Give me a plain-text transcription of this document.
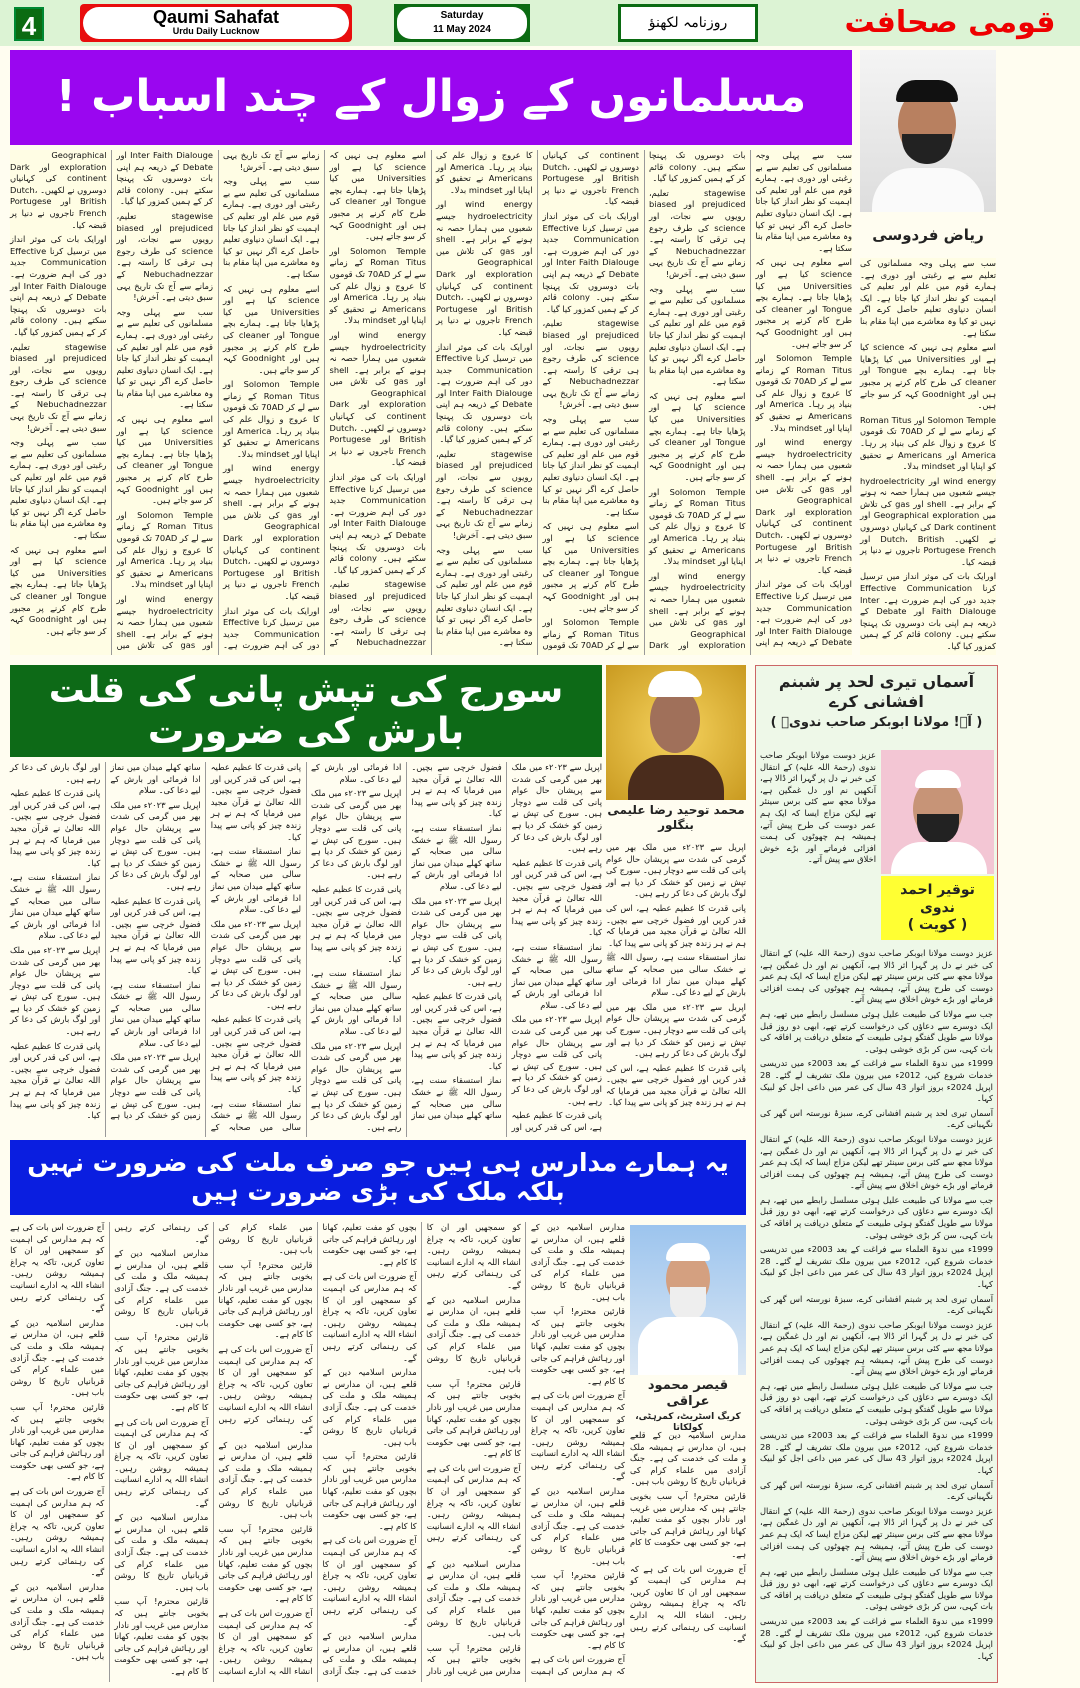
4	Qaumi Sahafat
Urdu Daily Lucknow
Saturday
11 May 2024	روزنامہ لکھنؤ	قومی صحافت
مسلمانوں کے زوال کے چند اسباب !
ریاض فردوسی

سب سے پہلی وجہ مسلمانوں کی تعلیم سے بے رغبتی اور دوری ہے۔ ہمارے قوم میں علم اور تعلیم کی اہمیت کو نظر انداز کیا جاتا ہے۔ ایک انسان دنیاوی تعلیم حاصل کرے اگر نہیں تو کیا وہ معاشرے میں اپنا مقام بنا سکتا ہے۔

اسے معلوم ہی نہیں کہ science کیا ہے اور Universities میں کیا پڑھایا جاتا ہے۔ ہمارے بچے Tongue اور cleaner کی طرح کام کرنے پر مجبور ہیں اور Goodnight کہہ کر سو جاتے ہیں۔

Solomon Temple اور Roman Titus کے زمانے سے لے کر 70AD تک قوموں کا عروج و زوال علم کی بنیاد پر رہا۔ America اور Americans نے تحقیق کو اپنایا اور mindset بدلا۔

wind energy اور hydroelectricity جیسے شعبوں میں ہمارا حصہ نہ ہونے کے برابر ہے۔ shell اور gas کی تلاش میں Geographical exploration اور Dark continent کی کہانیاں دوسروں نے لکھیں۔ Dutch، British اور Portugese French تاجروں نے دنیا پر قبضہ کیا۔

اورایک بات کی موثر انداز میں ترسیل کرنا Effective Communication جدید دور کی اہم ضرورت ہے۔ Inter Faith Dialouge اور Debate کے ذریعہ ہم اپنی بات دوسروں تک پہنچا سکتے ہیں۔ colony قائم کر کے ہمیں کمزور کیا گیا۔

stagewise تعلیم، prejudiced اور biased رویوں سے نجات، اور science کی طرف رجوع ہی ترقی کا راستہ ہے۔ Nebuchadnezzar کے زمانے سے آج تک تاریخ یہی سبق دیتی ہے۔ آخرش!

سب سے پہلی وجہ مسلمانوں کی تعلیم سے بے رغبتی اور دوری ہے۔ ہمارے قوم میں علم اور تعلیم کی اہمیت کو نظر انداز کیا جاتا ہے۔ ایک انسان دنیاوی تعلیم حاصل کرے اگر نہیں تو کیا وہ معاشرے میں اپنا مقام بنا سکتا ہے۔

اسے معلوم ہی نہیں کہ science کیا ہے اور Universities میں کیا پڑھایا جاتا ہے۔ ہمارے بچے Tongue اور cleaner کی طرح کام کرنے پر مجبور ہیں اور Goodnight کہہ کر سو جاتے ہیں۔

Solomon Temple اور Roman Titus کے زمانے سے لے کر 70AD تک قوموں کا عروج و زوال علم کی بنیاد پر رہا۔ America اور Americans نے تحقیق کو اپنایا اور mindset بدلا۔

wind energy اور hydroelectricity جیسے شعبوں میں ہمارا حصہ نہ ہونے کے برابر ہے۔ shell اور gas کی تلاش میں Geographical exploration اور Dark continent کی کہانیاں دوسروں نے لکھیں۔ Dutch، British اور Portugese French تاجروں نے دنیا پر قبضہ کیا۔

اورایک بات کی موثر انداز میں ترسیل کرنا Effective Communication جدید دور کی اہم ضرورت ہے۔ Inter Faith Dialouge اور Debate کے ذریعہ ہم اپنی بات دوسروں تک پہنچا سکتے ہیں۔ colony قائم کر کے ہمیں کمزور کیا گیا۔

stagewise تعلیم، prejudiced اور biased رویوں سے نجات، اور science کی طرف رجوع ہی ترقی کا راستہ ہے۔ Nebuchadnezzar کے زمانے سے آج تک تاریخ یہی سبق دیتی ہے۔ آخرش!

سب سے پہلی وجہ مسلمانوں کی تعلیم سے بے رغبتی اور دوری ہے۔ ہمارے قوم میں علم اور تعلیم کی اہمیت کو نظر انداز کیا جاتا ہے۔ ایک انسان دنیاوی تعلیم حاصل کرے اگر نہیں تو کیا وہ معاشرے میں اپنا مقام بنا سکتا ہے۔

اسے معلوم ہی نہیں کہ science کیا ہے اور Universities میں کیا پڑھایا جاتا ہے۔ ہمارے بچے Tongue اور cleaner کی طرح کام کرنے پر مجبور ہیں اور Goodnight کہہ کر سو جاتے ہیں۔

Solomon Temple اور Roman Titus کے زمانے سے لے کر 70AD تک قوموں کا عروج و زوال علم کی بنیاد پر رہا۔ America اور Americans نے تحقیق کو اپنایا اور mindset بدلا۔

wind energy اور hydroelectricity جیسے شعبوں میں ہمارا حصہ نہ ہونے کے برابر ہے۔ shell اور gas کی تلاش میں Geographical exploration اور Dark continent کی کہانیاں دوسروں نے لکھیں۔ Dutch، British اور Portugese French تاجروں نے دنیا پر قبضہ کیا۔

اورایک بات کی موثر انداز میں ترسیل کرنا Effective Communication جدید دور کی اہم ضرورت ہے۔ Inter Faith Dialouge اور Debate کے ذریعہ ہم اپنی بات دوسروں تک پہنچا سکتے ہیں۔ colony قائم کر کے ہمیں کمزور کیا گیا۔

stagewise تعلیم، prejudiced اور biased رویوں سے نجات، اور science کی طرف رجوع ہی ترقی کا راستہ ہے۔ Nebuchadnezzar کے زمانے سے آج تک تاریخ یہی سبق دیتی ہے۔ آخرش!

سب سے پہلی وجہ مسلمانوں کی تعلیم سے بے رغبتی اور دوری ہے۔ ہمارے قوم میں علم اور تعلیم کی اہمیت کو نظر انداز کیا جاتا ہے۔ ایک انسان دنیاوی تعلیم حاصل کرے اگر نہیں تو کیا وہ معاشرے میں اپنا مقام بنا سکتا ہے۔

اسے معلوم ہی نہیں کہ science کیا ہے اور Universities میں کیا پڑھایا جاتا ہے۔ ہمارے بچے Tongue اور cleaner کی طرح کام کرنے پر مجبور ہیں اور Goodnight کہہ کر سو جاتے ہیں۔

Solomon Temple اور Roman Titus کے زمانے سے لے کر 70AD تک قوموں کا عروج و زوال علم کی بنیاد پر رہا۔ America اور Americans نے تحقیق کو اپنایا اور mindset بدلا۔

wind energy اور hydroelectricity جیسے شعبوں میں ہمارا حصہ نہ ہونے کے برابر ہے۔ shell اور gas کی تلاش میں Geographical exploration اور Dark continent کی کہانیاں دوسروں نے لکھیں۔ Dutch، British اور Portugese French تاجروں نے دنیا پر قبضہ کیا۔

اورایک بات کی موثر انداز میں ترسیل کرنا Effective Communication جدید دور کی اہم ضرورت ہے۔ Inter Faith Dialouge اور Debate کے ذریعہ ہم اپنی بات دوسروں تک پہنچا سکتے ہیں۔ colony قائم کر کے ہمیں کمزور کیا گیا۔

stagewise تعلیم، prejudiced اور biased رویوں سے نجات، اور science کی طرف رجوع ہی ترقی کا راستہ ہے۔ Nebuchadnezzar کے زمانے سے آج تک تاریخ یہی سبق دیتی ہے۔ آخرش!

سب سے پہلی وجہ مسلمانوں کی تعلیم سے بے رغبتی اور دوری ہے۔ ہمارے قوم میں علم اور تعلیم کی اہمیت کو نظر انداز کیا جاتا ہے۔ ایک انسان دنیاوی تعلیم حاصل کرے اگر نہیں تو کیا وہ معاشرے میں اپنا مقام بنا سکتا ہے۔

اسے معلوم ہی نہیں کہ science کیا ہے اور Universities میں کیا پڑھایا جاتا ہے۔ ہمارے بچے Tongue اور cleaner کی طرح کام کرنے پر مجبور ہیں اور Goodnight کہہ کر سو جاتے ہیں۔

Solomon Temple اور Roman Titus کے زمانے سے لے کر 70AD تک قوموں کا عروج و زوال علم کی بنیاد پر رہا۔ America اور Americans نے تحقیق کو اپنایا اور mindset بدلا۔

wind energy اور hydroelectricity جیسے شعبوں میں ہمارا حصہ نہ ہونے کے برابر ہے۔ shell اور gas کی تلاش میں Geographical exploration اور Dark continent کی کہانیاں دوسروں نے لکھیں۔ Dutch، British اور Portugese French تاجروں نے دنیا پر قبضہ کیا۔

اورایک بات کی موثر انداز میں ترسیل کرنا Effective Communication جدید دور کی اہم ضرورت ہے۔ Inter Faith Dialouge اور Debate کے ذریعہ ہم اپنی بات دوسروں تک پہنچا سکتے ہیں۔ colony قائم کر کے ہمیں کمزور کیا گیا۔

stagewise تعلیم، prejudiced اور biased رویوں سے نجات، اور science کی طرف رجوع ہی ترقی کا راستہ ہے۔ Nebuchadnezzar کے زمانے سے آج تک تاریخ یہی سبق دیتی ہے۔ آخرش!

سب سے پہلی وجہ مسلمانوں کی تعلیم سے بے رغبتی اور دوری ہے۔ ہمارے قوم میں علم اور تعلیم کی اہمیت کو نظر انداز کیا جاتا ہے۔ ایک انسان دنیاوی تعلیم حاصل کرے اگر نہیں تو کیا وہ معاشرے میں اپنا مقام بنا سکتا ہے۔

اسے معلوم ہی نہیں کہ science کیا ہے اور Universities میں کیا پڑھایا جاتا ہے۔ ہمارے بچے Tongue اور cleaner کی طرح کام کرنے پر مجبور ہیں اور Goodnight کہہ کر سو جاتے ہیں۔

Solomon Temple اور Roman Titus کے زمانے سے لے کر 70AD تک قوموں کا عروج و زوال علم کی بنیاد پر رہا۔ America اور Americans نے تحقیق کو اپنایا اور mindset بدلا۔

wind energy اور hydroelectricity جیسے شعبوں میں ہمارا حصہ نہ ہونے کے برابر ہے۔ shell اور gas کی تلاش میں Geographical exploration اور Dark continent کی کہانیاں دوسروں نے لکھیں۔ Dutch، British اور Portugese French تاجروں نے دنیا پر قبضہ کیا۔

اورایک بات کی موثر انداز میں ترسیل کرنا Effective Communication جدید دور کی اہم ضرورت ہے۔ Inter Faith Dialouge اور Debate کے ذریعہ ہم اپنی بات دوسروں تک پہنچا سکتے ہیں۔ colony قائم کر کے ہمیں کمزور کیا گیا۔

stagewise تعلیم، prejudiced اور biased رویوں سے نجات، اور science کی طرف رجوع ہی ترقی کا راستہ ہے۔ Nebuchadnezzar کے زمانے سے آج تک تاریخ یہی سبق دیتی ہے۔ آخرش!

سب سے پہلی وجہ مسلمانوں کی تعلیم سے بے رغبتی اور دوری ہے۔ ہمارے قوم میں علم اور تعلیم کی اہمیت کو نظر انداز کیا جاتا ہے۔ ایک انسان دنیاوی تعلیم حاصل کرے اگر نہیں تو کیا وہ معاشرے میں اپنا مقام بنا سکتا ہے۔

اسے معلوم ہی نہیں کہ science کیا ہے اور Universities میں کیا پڑھایا جاتا ہے۔ ہمارے بچے Tongue اور cleaner کی طرح کام کرنے پر مجبور ہیں اور Goodnight کہہ کر سو جاتے ہیں۔

سب سے پہلی وجہ مسلمانوں کی تعلیم سے بے رغبتی اور دوری ہے۔ ہمارے قوم میں علم اور تعلیم کی اہمیت کو نظر انداز کیا جاتا ہے۔ ایک انسان دنیاوی تعلیم حاصل کرے اگر نہیں تو کیا وہ معاشرے میں اپنا مقام بنا سکتا ہے۔

اسے معلوم ہی نہیں کہ science کیا ہے اور Universities میں کیا پڑھایا جاتا ہے۔ ہمارے بچے Tongue اور cleaner کی طرح کام کرنے پر مجبور ہیں اور Goodnight کہہ کر سو جاتے ہیں۔

Solomon Temple اور Roman Titus کے زمانے سے لے کر 70AD تک قوموں کا عروج و زوال علم کی بنیاد پر رہا۔ America اور Americans نے تحقیق کو اپنایا اور mindset بدلا۔

wind energy اور hydroelectricity جیسے شعبوں میں ہمارا حصہ نہ ہونے کے برابر ہے۔ shell اور gas کی تلاش میں Geographical exploration اور Dark continent کی کہانیاں دوسروں نے لکھیں۔ Dutch، British اور Portugese French تاجروں نے دنیا پر قبضہ کیا۔

اورایک بات کی موثر انداز میں ترسیل کرنا Effective Communication جدید دور کی اہم ضرورت ہے۔ Inter Faith Dialouge اور Debate کے ذریعہ ہم اپنی بات دوسروں تک پہنچا سکتے ہیں۔ colony قائم کر کے ہمیں کمزور کیا گیا۔

سورج کی تپش پانی کی قلت بارش کی ضرورت
محمد توحید رضا علیمی بنگلور

اپریل سے ۲۰۲۳ء میں ملک بھر میں گرمی کی شدت سے پریشان حال عوام پانی کی قلت سے دوچار ہیں۔ سورج کی تپش نے زمین کو خشک کر دیا ہے اور لوگ بارش کی دعا کر رہے ہیں۔

پانی قدرت کا عظیم عطیہ ہے، اس کی قدر کریں اور فضول خرچی سے بچیں۔ اللہ تعالیٰ نے قرآن مجید میں فرمایا کہ ہم نے ہر زندہ چیز کو پانی سے پیدا کیا۔

نماز استسقاء سنت ہے، رسول اللہ ﷺ نے خشک سالی میں صحابہ کے ساتھ کھلے میدان میں نماز ادا فرمائی اور بارش کے لیے دعا کی۔ سلام

اپریل سے ۲۰۲۳ء میں ملک بھر میں گرمی کی شدت سے پریشان حال عوام پانی کی قلت سے دوچار ہیں۔ سورج کی تپش نے زمین کو خشک کر دیا ہے اور لوگ بارش کی دعا کر رہے ہیں۔

پانی قدرت کا عظیم عطیہ ہے، اس کی قدر کریں اور فضول خرچی سے بچیں۔ اللہ تعالیٰ نے قرآن مجید میں فرمایا کہ ہم نے ہر زندہ چیز کو پانی سے پیدا کیا۔

نماز استسقاء سنت ہے، رسول اللہ ﷺ نے خشک سالی میں صحابہ کے ساتھ کھلے میدان میں نماز ادا فرمائی اور بارش کے لیے دعا کی۔ سلام

اپریل سے ۲۰۲۳ء میں ملک بھر میں گرمی کی شدت سے پریشان حال عوام پانی کی قلت سے دوچار ہیں۔ سورج کی تپش نے زمین کو خشک کر دیا ہے اور لوگ بارش کی دعا کر رہے ہیں۔

پانی قدرت کا عظیم عطیہ ہے، اس کی قدر کریں اور فضول خرچی سے بچیں۔ اللہ تعالیٰ نے قرآن مجید میں فرمایا کہ ہم نے ہر زندہ چیز کو پانی سے پیدا کیا۔

نماز استسقاء سنت ہے، رسول اللہ ﷺ نے خشک سالی میں صحابہ کے ساتھ کھلے میدان میں نماز ادا فرمائی اور بارش کے لیے دعا کی۔ سلام

اپریل سے ۲۰۲۳ء میں ملک بھر میں گرمی کی شدت سے پریشان حال عوام پانی کی قلت سے دوچار ہیں۔ سورج کی تپش نے زمین کو خشک کر دیا ہے اور لوگ بارش کی دعا کر رہے ہیں۔

پانی قدرت کا عظیم عطیہ ہے، اس کی قدر کریں اور فضول خرچی سے بچیں۔ اللہ تعالیٰ نے قرآن مجید میں فرمایا کہ ہم نے ہر زندہ چیز کو پانی سے پیدا کیا۔

نماز استسقاء سنت ہے، رسول اللہ ﷺ نے خشک سالی میں صحابہ کے ساتھ کھلے میدان میں نماز ادا فرمائی اور بارش کے لیے دعا کی۔ سلام

اپریل سے ۲۰۲۳ء میں ملک بھر میں گرمی کی شدت سے پریشان حال عوام پانی کی قلت سے دوچار ہیں۔ سورج کی تپش نے زمین کو خشک کر دیا ہے اور لوگ بارش کی دعا کر رہے ہیں۔

پانی قدرت کا عظیم عطیہ ہے، اس کی قدر کریں اور فضول خرچی سے بچیں۔ اللہ تعالیٰ نے قرآن مجید میں فرمایا کہ ہم نے ہر زندہ چیز کو پانی سے پیدا کیا۔

نماز استسقاء سنت ہے، رسول اللہ ﷺ نے خشک سالی میں صحابہ کے ساتھ کھلے میدان میں نماز ادا فرمائی اور بارش کے لیے دعا کی۔ سلام

اپریل سے ۲۰۲۳ء میں ملک بھر میں گرمی کی شدت سے پریشان حال عوام پانی کی قلت سے دوچار ہیں۔ سورج کی تپش نے زمین کو خشک کر دیا ہے اور لوگ بارش کی دعا کر رہے ہیں۔

پانی قدرت کا عظیم عطیہ ہے، اس کی قدر کریں اور فضول خرچی سے بچیں۔ اللہ تعالیٰ نے قرآن مجید میں فرمایا کہ ہم نے ہر زندہ چیز کو پانی سے پیدا کیا۔

نماز استسقاء سنت ہے، رسول اللہ ﷺ نے خشک سالی میں صحابہ کے ساتھ کھلے میدان میں نماز ادا فرمائی اور بارش کے لیے دعا کی۔ سلام

اپریل سے ۲۰۲۳ء میں ملک بھر میں گرمی کی شدت سے پریشان حال عوام پانی کی قلت سے دوچار ہیں۔ سورج کی تپش نے زمین کو خشک کر دیا ہے اور لوگ بارش کی دعا کر رہے ہیں۔

پانی قدرت کا عظیم عطیہ ہے، اس کی قدر کریں اور فضول خرچی سے بچیں۔ اللہ تعالیٰ نے قرآن مجید میں فرمایا کہ ہم نے ہر زندہ چیز کو پانی سے پیدا کیا۔

نماز استسقاء سنت ہے، رسول اللہ ﷺ نے خشک سالی میں صحابہ کے ساتھ کھلے میدان میں نماز ادا فرمائی اور بارش کے لیے دعا کی۔ سلام

اپریل سے ۲۰۲۳ء میں ملک بھر میں گرمی کی شدت سے پریشان حال عوام پانی کی قلت سے دوچار ہیں۔ سورج کی تپش نے زمین کو خشک کر دیا ہے اور لوگ بارش کی دعا کر رہے ہیں۔

پانی قدرت کا عظیم عطیہ ہے، اس کی قدر کریں اور فضول خرچی سے بچیں۔ اللہ تعالیٰ نے قرآن مجید میں فرمایا کہ ہم نے ہر زندہ چیز کو پانی سے پیدا کیا۔

نماز استسقاء سنت ہے، رسول اللہ ﷺ نے خشک سالی میں صحابہ کے ساتھ کھلے میدان میں نماز ادا فرمائی اور بارش کے لیے دعا کی۔ سلام

اپریل سے ۲۰۲۳ء میں ملک بھر میں گرمی کی شدت سے پریشان حال عوام پانی کی قلت سے دوچار ہیں۔ سورج کی تپش نے زمین کو خشک کر دیا ہے اور لوگ بارش کی دعا کر رہے ہیں۔

پانی قدرت کا عظیم عطیہ ہے، اس کی قدر کریں اور فضول خرچی سے بچیں۔ اللہ تعالیٰ نے قرآن مجید میں فرمایا کہ ہم نے ہر زندہ چیز کو پانی سے پیدا کیا۔

اپریل سے ۲۰۲۳ء میں ملک بھر میں گرمی کی شدت سے پریشان حال عوام پانی کی قلت سے دوچار ہیں۔ سورج کی تپش نے زمین کو خشک کر دیا ہے اور لوگ بارش کی دعا کر رہے ہیں۔

پانی قدرت کا عظیم عطیہ ہے، اس کی قدر کریں اور فضول خرچی سے بچیں۔ اللہ تعالیٰ نے قرآن مجید میں فرمایا کہ ہم نے ہر زندہ چیز کو پانی سے پیدا کیا۔

نماز استسقاء سنت ہے، رسول اللہ ﷺ نے خشک سالی میں صحابہ کے ساتھ کھلے میدان میں نماز ادا فرمائی اور بارش کے لیے دعا کی۔ سلام

اپریل سے ۲۰۲۳ء میں ملک بھر میں گرمی کی شدت سے پریشان حال عوام پانی کی قلت سے دوچار ہیں۔ سورج کی تپش نے زمین کو خشک کر دیا ہے اور لوگ بارش کی دعا کر رہے ہیں۔

پانی قدرت کا عظیم عطیہ ہے، اس کی قدر کریں اور فضول خرچی سے بچیں۔ اللہ تعالیٰ نے قرآن مجید میں فرمایا کہ ہم نے ہر زندہ چیز کو پانی سے پیدا کیا۔

آسماں تیری لحد پر شبنم افشانی کرے
( آہ! مولانا ابوبکر صاحب ندویؒ )
توقیر احمد ندوی
( کویت )

عزیز دوست مولانا ابوبکر صاحب ندوی (رحمۃ اللہ علیہ) کے انتقال کی خبر نے دل پر گہرا اثر ڈالا ہے، آنکھیں نم اور دل غمگین ہے، مولانا مجھ سے کئی برس سینئر تھے لیکن مزاج ایسا کہ ایک ہم عمر دوست کی طرح پیش آتے، ہمیشہ ہم چھوٹوں کی ہمت افزائی فرماتے اور بڑے خوش اخلاق سے پیش آتے۔

عزیز دوست مولانا ابوبکر صاحب ندوی (رحمۃ اللہ علیہ) کے انتقال کی خبر نے دل پر گہرا اثر ڈالا ہے، آنکھیں نم اور دل غمگین ہے، مولانا مجھ سے کئی برس سینئر تھے لیکن مزاج ایسا کہ ایک ہم عمر دوست کی طرح پیش آتے، ہمیشہ ہم چھوٹوں کی ہمت افزائی فرماتے اور بڑے خوش اخلاق سے پیش آتے۔

جب سے مولانا کی طبیعت علیل ہوئی مسلسل رابطے میں تھے، ہم ایک دوسرے سے دعاؤں کی درخواست کرتے تھے، ابھی دو روز قبل مولانا سے طویل گفتگو ہوئی طبیعت کے متعلق دریافت پر افاقہ کی بات کہی، سن کر بڑی خوشی ہوئی۔

1999ء میں ندوۃ العلماء سے فراغت کے بعد 2003ء میں تدریسی خدمات شروع کیں، 2012ء میں بیرون ملک تشریف لے گئے۔ 28 اپریل 2024ء بروز اتوار 43 سال کی عمر میں داعی اجل کو لبیک کہا۔

آسماں تیری لحد پر شبنم افشانی کرے، سبزۂ نورستہ اس گھر کی نگہبانی کرے۔

عزیز دوست مولانا ابوبکر صاحب ندوی (رحمۃ اللہ علیہ) کے انتقال کی خبر نے دل پر گہرا اثر ڈالا ہے، آنکھیں نم اور دل غمگین ہے، مولانا مجھ سے کئی برس سینئر تھے لیکن مزاج ایسا کہ ایک ہم عمر دوست کی طرح پیش آتے، ہمیشہ ہم چھوٹوں کی ہمت افزائی فرماتے اور بڑے خوش اخلاق سے پیش آتے۔

جب سے مولانا کی طبیعت علیل ہوئی مسلسل رابطے میں تھے، ہم ایک دوسرے سے دعاؤں کی درخواست کرتے تھے، ابھی دو روز قبل مولانا سے طویل گفتگو ہوئی طبیعت کے متعلق دریافت پر افاقہ کی بات کہی، سن کر بڑی خوشی ہوئی۔

1999ء میں ندوۃ العلماء سے فراغت کے بعد 2003ء میں تدریسی خدمات شروع کیں، 2012ء میں بیرون ملک تشریف لے گئے۔ 28 اپریل 2024ء بروز اتوار 43 سال کی عمر میں داعی اجل کو لبیک کہا۔

آسماں تیری لحد پر شبنم افشانی کرے، سبزۂ نورستہ اس گھر کی نگہبانی کرے۔

عزیز دوست مولانا ابوبکر صاحب ندوی (رحمۃ اللہ علیہ) کے انتقال کی خبر نے دل پر گہرا اثر ڈالا ہے، آنکھیں نم اور دل غمگین ہے، مولانا مجھ سے کئی برس سینئر تھے لیکن مزاج ایسا کہ ایک ہم عمر دوست کی طرح پیش آتے، ہمیشہ ہم چھوٹوں کی ہمت افزائی فرماتے اور بڑے خوش اخلاق سے پیش آتے۔

جب سے مولانا کی طبیعت علیل ہوئی مسلسل رابطے میں تھے، ہم ایک دوسرے سے دعاؤں کی درخواست کرتے تھے، ابھی دو روز قبل مولانا سے طویل گفتگو ہوئی طبیعت کے متعلق دریافت پر افاقہ کی بات کہی، سن کر بڑی خوشی ہوئی۔

1999ء میں ندوۃ العلماء سے فراغت کے بعد 2003ء میں تدریسی خدمات شروع کیں، 2012ء میں بیرون ملک تشریف لے گئے۔ 28 اپریل 2024ء بروز اتوار 43 سال کی عمر میں داعی اجل کو لبیک کہا۔

آسماں تیری لحد پر شبنم افشانی کرے، سبزۂ نورستہ اس گھر کی نگہبانی کرے۔

عزیز دوست مولانا ابوبکر صاحب ندوی (رحمۃ اللہ علیہ) کے انتقال کی خبر نے دل پر گہرا اثر ڈالا ہے، آنکھیں نم اور دل غمگین ہے، مولانا مجھ سے کئی برس سینئر تھے لیکن مزاج ایسا کہ ایک ہم عمر دوست کی طرح پیش آتے، ہمیشہ ہم چھوٹوں کی ہمت افزائی فرماتے اور بڑے خوش اخلاق سے پیش آتے۔

جب سے مولانا کی طبیعت علیل ہوئی مسلسل رابطے میں تھے، ہم ایک دوسرے سے دعاؤں کی درخواست کرتے تھے، ابھی دو روز قبل مولانا سے طویل گفتگو ہوئی طبیعت کے متعلق دریافت پر افاقہ کی بات کہی، سن کر بڑی خوشی ہوئی۔

1999ء میں ندوۃ العلماء سے فراغت کے بعد 2003ء میں تدریسی خدمات شروع کیں، 2012ء میں بیرون ملک تشریف لے گئے۔ 28 اپریل 2024ء بروز اتوار 43 سال کی عمر میں داعی اجل کو لبیک کہا۔

یہ ہمارے مدارس ہی ہیں جو صرف ملت کی ضرورت نہیں بلکہ ملک کی بڑی ضرورت ہیں
قیصر محمود عراقی
کریگ اسٹریٹ، کمرہٹی، کولکاتا

مدارس اسلامیہ دین کے قلعے ہیں، ان مدارس نے ہمیشہ ملک و ملت کی خدمت کی ہے۔ جنگ آزادی میں علماء کرام کی قربانیاں تاریخ کا روشن باب ہیں۔

قارئین محترم! آپ سب بخوبی جانتے ہیں کہ مدارس میں غریب اور نادار بچوں کو مفت تعلیم، کھانا اور رہائش فراہم کی جاتی ہے، جو کسی بھی حکومت کا کام ہے۔

آج ضرورت اس بات کی ہے کہ ہم مدارس کی اہمیت کو سمجھیں اور ان کا تعاون کریں، تاکہ یہ چراغ ہمیشہ روشن رہیں۔ انشاء اللہ یہ ادارے انسانیت کی رہنمائی کرتے رہیں گے۔

مدارس اسلامیہ دین کے قلعے ہیں، ان مدارس نے ہمیشہ ملک و ملت کی خدمت کی ہے۔ جنگ آزادی میں علماء کرام کی قربانیاں تاریخ کا روشن باب ہیں۔

قارئین محترم! آپ سب بخوبی جانتے ہیں کہ مدارس میں غریب اور نادار بچوں کو مفت تعلیم، کھانا اور رہائش فراہم کی جاتی ہے، جو کسی بھی حکومت کا کام ہے۔

آج ضرورت اس بات کی ہے کہ ہم مدارس کی اہمیت کو سمجھیں اور ان کا تعاون کریں، تاکہ یہ چراغ ہمیشہ روشن رہیں۔ انشاء اللہ یہ ادارے انسانیت کی رہنمائی کرتے رہیں گے۔

مدارس اسلامیہ دین کے قلعے ہیں، ان مدارس نے ہمیشہ ملک و ملت کی خدمت کی ہے۔ جنگ آزادی میں علماء کرام کی قربانیاں تاریخ کا روشن باب ہیں۔

قارئین محترم! آپ سب بخوبی جانتے ہیں کہ مدارس میں غریب اور نادار بچوں کو مفت تعلیم، کھانا اور رہائش فراہم کی جاتی ہے، جو کسی بھی حکومت کا کام ہے۔

آج ضرورت اس بات کی ہے کہ ہم مدارس کی اہمیت کو سمجھیں اور ان کا تعاون کریں، تاکہ یہ چراغ ہمیشہ روشن رہیں۔ انشاء اللہ یہ ادارے انسانیت کی رہنمائی کرتے رہیں گے۔

مدارس اسلامیہ دین کے قلعے ہیں، ان مدارس نے ہمیشہ ملک و ملت کی خدمت کی ہے۔ جنگ آزادی میں علماء کرام کی قربانیاں تاریخ کا روشن باب ہیں۔

قارئین محترم! آپ سب بخوبی جانتے ہیں کہ مدارس میں غریب اور نادار بچوں کو مفت تعلیم، کھانا اور رہائش فراہم کی جاتی ہے، جو کسی بھی حکومت کا کام ہے۔

آج ضرورت اس بات کی ہے کہ ہم مدارس کی اہمیت کو سمجھیں اور ان کا تعاون کریں، تاکہ یہ چراغ ہمیشہ روشن رہیں۔ انشاء اللہ یہ ادارے انسانیت کی رہنمائی کرتے رہیں گے۔

مدارس اسلامیہ دین کے قلعے ہیں، ان مدارس نے ہمیشہ ملک و ملت کی خدمت کی ہے۔ جنگ آزادی میں علماء کرام کی قربانیاں تاریخ کا روشن باب ہیں۔

قارئین محترم! آپ سب بخوبی جانتے ہیں کہ مدارس میں غریب اور نادار بچوں کو مفت تعلیم، کھانا اور رہائش فراہم کی جاتی ہے، جو کسی بھی حکومت کا کام ہے۔

آج ضرورت اس بات کی ہے کہ ہم مدارس کی اہمیت کو سمجھیں اور ان کا تعاون کریں، تاکہ یہ چراغ ہمیشہ روشن رہیں۔ انشاء اللہ یہ ادارے انسانیت کی رہنمائی کرتے رہیں گے۔

مدارس اسلامیہ دین کے قلعے ہیں، ان مدارس نے ہمیشہ ملک و ملت کی خدمت کی ہے۔ جنگ آزادی میں علماء کرام کی قربانیاں تاریخ کا روشن باب ہیں۔

قارئین محترم! آپ سب بخوبی جانتے ہیں کہ مدارس میں غریب اور نادار بچوں کو مفت تعلیم، کھانا اور رہائش فراہم کی جاتی ہے، جو کسی بھی حکومت کا کام ہے۔

آج ضرورت اس بات کی ہے کہ ہم مدارس کی اہمیت کو سمجھیں اور ان کا تعاون کریں، تاکہ یہ چراغ ہمیشہ روشن رہیں۔ انشاء اللہ یہ ادارے انسانیت کی رہنمائی کرتے رہیں گے۔

مدارس اسلامیہ دین کے قلعے ہیں، ان مدارس نے ہمیشہ ملک و ملت کی خدمت کی ہے۔ جنگ آزادی میں علماء کرام کی قربانیاں تاریخ کا روشن باب ہیں۔

قارئین محترم! آپ سب بخوبی جانتے ہیں کہ مدارس میں غریب اور نادار بچوں کو مفت تعلیم، کھانا اور رہائش فراہم کی جاتی ہے، جو کسی بھی حکومت کا کام ہے۔

آج ضرورت اس بات کی ہے کہ ہم مدارس کی اہمیت کو سمجھیں اور ان کا تعاون کریں، تاکہ یہ چراغ ہمیشہ روشن رہیں۔ انشاء اللہ یہ ادارے انسانیت کی رہنمائی کرتے رہیں گے۔

مدارس اسلامیہ دین کے قلعے ہیں، ان مدارس نے ہمیشہ ملک و ملت کی خدمت کی ہے۔ جنگ آزادی میں علماء کرام کی قربانیاں تاریخ کا روشن باب ہیں۔

قارئین محترم! آپ سب بخوبی جانتے ہیں کہ مدارس میں غریب اور نادار بچوں کو مفت تعلیم، کھانا اور رہائش فراہم کی جاتی ہے، جو کسی بھی حکومت کا کام ہے۔

آج ضرورت اس بات کی ہے کہ ہم مدارس کی اہمیت کو سمجھیں اور ان کا تعاون کریں، تاکہ یہ چراغ ہمیشہ روشن رہیں۔ انشاء اللہ یہ ادارے انسانیت کی رہنمائی کرتے رہیں گے۔

مدارس اسلامیہ دین کے قلعے ہیں، ان مدارس نے ہمیشہ ملک و ملت کی خدمت کی ہے۔ جنگ آزادی میں علماء کرام کی قربانیاں تاریخ کا روشن باب ہیں۔

قارئین محترم! آپ سب بخوبی جانتے ہیں کہ مدارس میں غریب اور نادار بچوں کو مفت تعلیم، کھانا اور رہائش فراہم کی جاتی ہے، جو کسی بھی حکومت کا کام ہے۔

آج ضرورت اس بات کی ہے کہ ہم مدارس کی اہمیت کو سمجھیں اور ان کا تعاون کریں، تاکہ یہ چراغ ہمیشہ روشن رہیں۔ انشاء اللہ یہ ادارے انسانیت کی رہنمائی کرتے رہیں گے۔

مدارس اسلامیہ دین کے قلعے ہیں، ان مدارس نے ہمیشہ ملک و ملت کی خدمت کی ہے۔ جنگ آزادی میں علماء کرام کی قربانیاں تاریخ کا روشن باب ہیں۔

قارئین محترم! آپ سب بخوبی جانتے ہیں کہ مدارس میں غریب اور نادار بچوں کو مفت تعلیم، کھانا اور رہائش فراہم کی جاتی ہے، جو کسی بھی حکومت کا کام ہے۔

آج ضرورت اس بات کی ہے کہ ہم مدارس کی اہمیت کو سمجھیں اور ان کا تعاون کریں، تاکہ یہ چراغ ہمیشہ روشن رہیں۔ انشاء اللہ یہ ادارے انسانیت کی رہنمائی کرتے رہیں گے۔

مدارس اسلامیہ دین کے قلعے ہیں، ان مدارس نے ہمیشہ ملک و ملت کی خدمت کی ہے۔ جنگ آزادی میں علماء کرام کی قربانیاں تاریخ کا روشن باب ہیں۔

مدارس اسلامیہ دین کے قلعے ہیں، ان مدارس نے ہمیشہ ملک و ملت کی خدمت کی ہے۔ جنگ آزادی میں علماء کرام کی قربانیاں تاریخ کا روشن باب ہیں۔

قارئین محترم! آپ سب بخوبی جانتے ہیں کہ مدارس میں غریب اور نادار بچوں کو مفت تعلیم، کھانا اور رہائش فراہم کی جاتی ہے، جو کسی بھی حکومت کا کام ہے۔

آج ضرورت اس بات کی ہے کہ ہم مدارس کی اہمیت کو سمجھیں اور ان کا تعاون کریں، تاکہ یہ چراغ ہمیشہ روشن رہیں۔ انشاء اللہ یہ ادارے انسانیت کی رہنمائی کرتے رہیں گے۔
